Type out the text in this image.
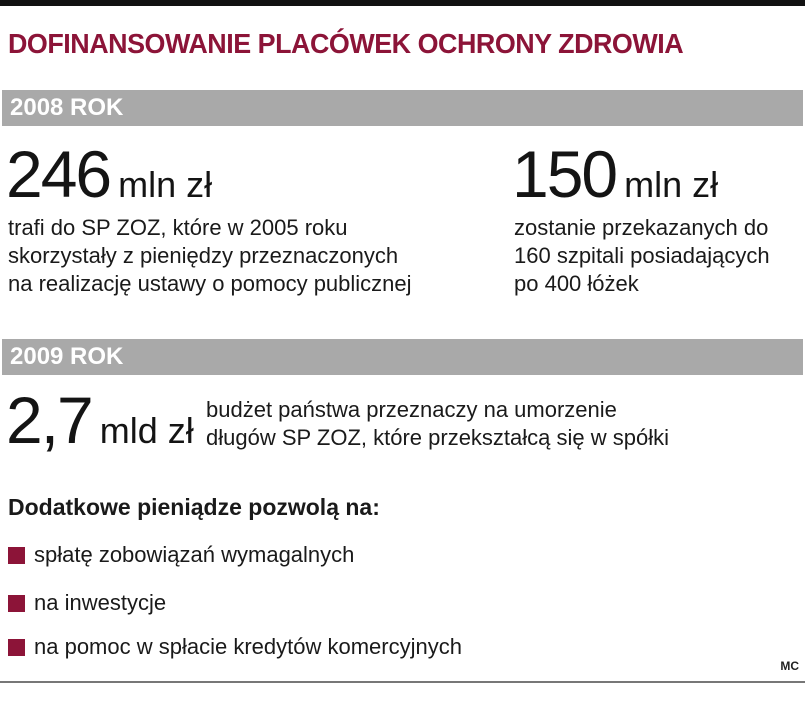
DOFINANSOWANIE PLACÓWEK OCHRONY ZDROWIA
2008 ROK
246 mln zł
trafi do SP ZOZ, które w 2005 roku
skorzystały z pieniędzy przeznaczonych
na realizację ustawy o pomocy publicznej
150 mln zł
zostanie przekazanych do
160 szpitali posiadających
po 400 łóżek
2009 ROK
2,7 mld zł
budżet państwa przeznaczy na umorzenie
długów SP ZOZ, które przekształcą się w spółki
Dodatkowe pieniądze pozwolą na:
spłatę zobowiązań wymagalnych
na inwestycje
na pomoc w spłacie kredytów komercyjnych
MC
